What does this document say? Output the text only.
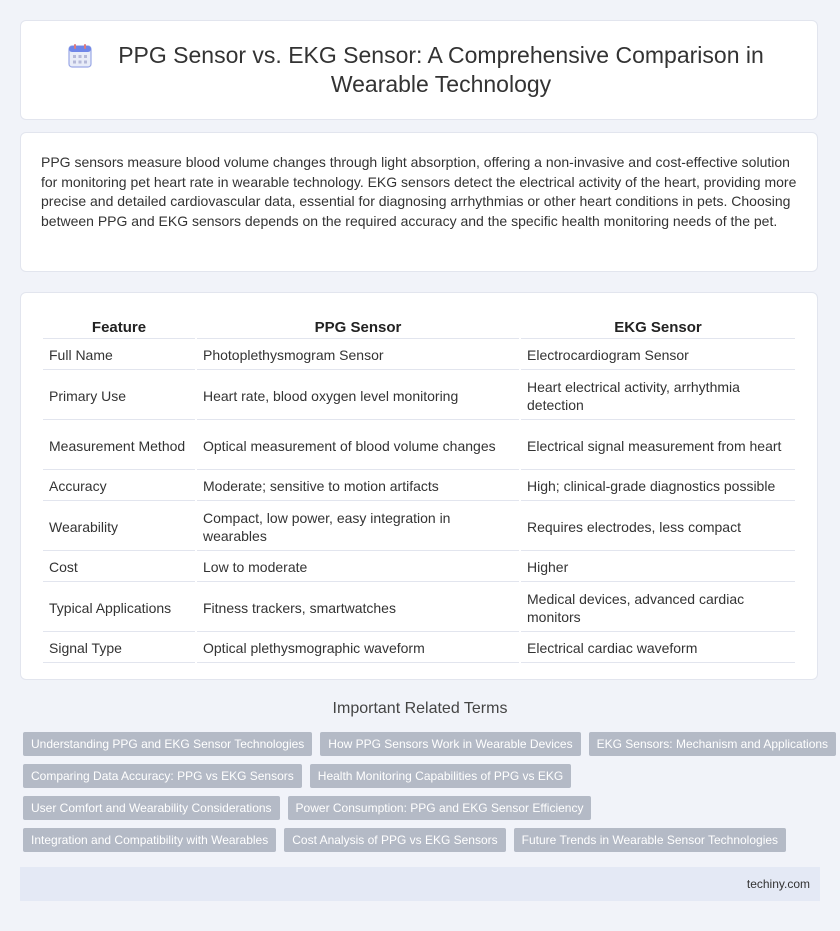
PPG Sensor vs. EKG Sensor: A Comprehensive Comparison in Wearable Technology

PPG sensors measure blood volume changes through light absorption, offering a non-invasive and cost-effective solution for monitoring pet heart rate in wearable technology. EKG sensors detect the electrical activity of the heart, providing more precise and detailed cardiovascular data, essential for diagnosing arrhythmias or other heart conditions in pets. Choosing between PPG and EKG sensors depends on the required accuracy and the specific health monitoring needs of the pet.

Feature	PPG Sensor	EKG Sensor
Full Name	Photoplethysmogram Sensor	Electrocardiogram Sensor
Primary Use	Heart rate, blood oxygen level monitoring	Heart electrical activity, arrhythmia detection
Measurement Method	Optical measurement of blood volume changes	Electrical signal measurement from heart
Accuracy	Moderate; sensitive to motion artifacts	High; clinical-grade diagnostics possible
Wearability	Compact, low power, easy integration in wearables	Requires electrodes, less compact
Cost	Low to moderate	Higher
Typical Applications	Fitness trackers, smartwatches	Medical devices, advanced cardiac monitors
Signal Type	Optical plethysmographic waveform	Electrical cardiac waveform
Important Related Terms
Understanding PPG and EKG Sensor Technologies	How PPG Sensors Work in Wearable Devices	EKG Sensors: Mechanism and Applications
Comparing Data Accuracy: PPG vs EKG Sensors	Health Monitoring Capabilities of PPG vs EKG
User Comfort and Wearability Considerations	Power Consumption: PPG and EKG Sensor Efficiency
Integration and Compatibility with Wearables	Cost Analysis of PPG vs EKG Sensors	Future Trends in Wearable Sensor Technologies
techiny.com
